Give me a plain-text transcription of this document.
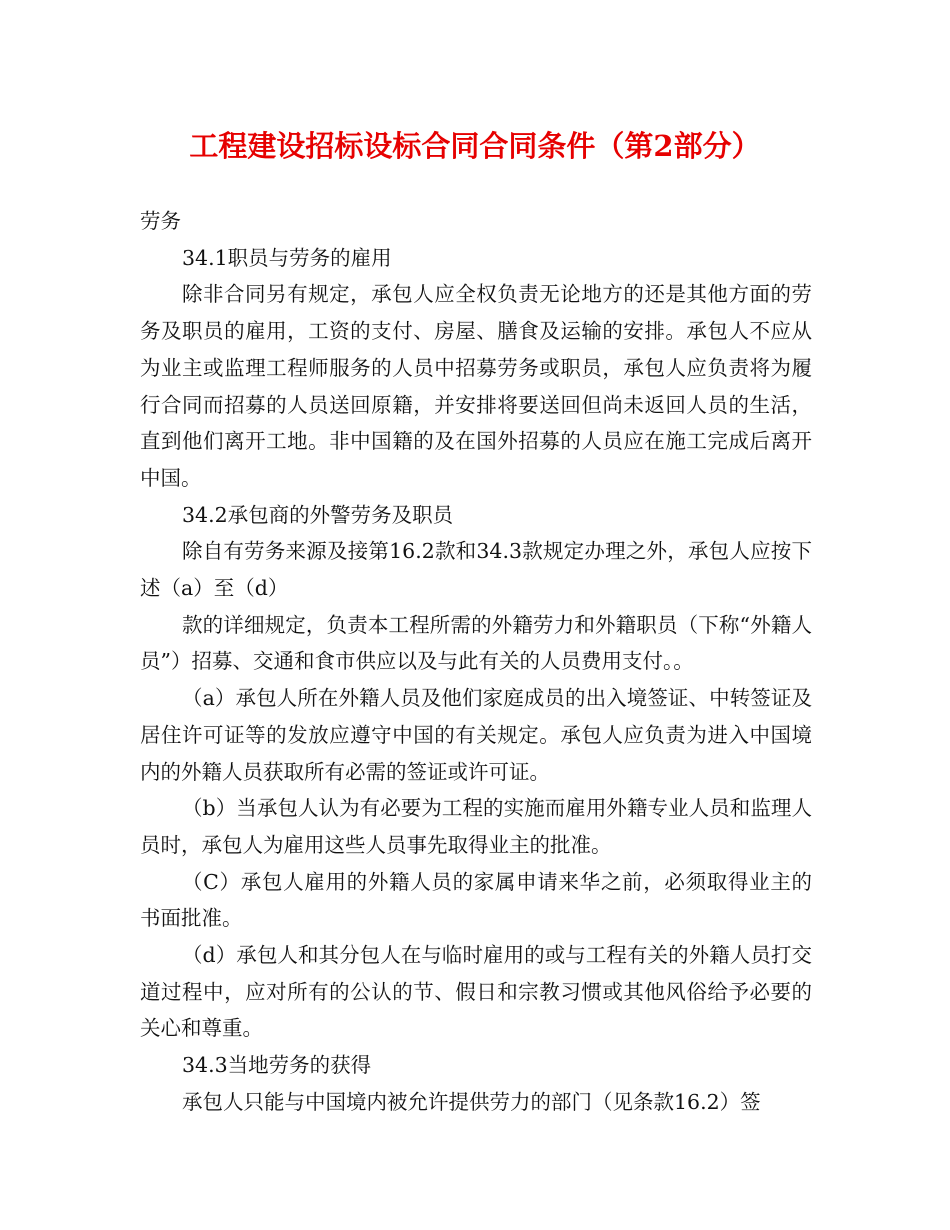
工程建设招标设标合同合同条件（第2部分）

劳务

34.1职员与劳务的雇用

除非合同另有规定，承包人应全权负责无论地方的还是其他方面的劳务及职员的雇用，工资的支付、房屋、膳食及运输的安排。承包人不应从为业主或监理工程师服务的人员中招募劳务或职员，承包人应负责将为履行合同而招募的人员送回原籍，并安排将要送回但尚未返回人员的生活，直到他们离开工地。非中国籍的及在国外招募的人员应在施工完成后离开中国。

34.2承包商的外警劳务及职员

除自有劳务来源及接第16.2款和34.3款规定办理之外，承包人应按下述（a）至（d）

款的详细规定，负责本工程所需的外籍劳力和外籍职员（下称“外籍人员”）招募、交通和食市供应以及与此有关的人员费用支付。。

（a）承包人所在外籍人员及他们家庭成员的出入境签证、中转签证及居住许可证等的发放应遵守中国的有关规定。承包人应负责为进入中国境内的外籍人员获取所有必需的签证或许可证。

（b）当承包人认为有必要为工程的实施而雇用外籍专业人员和监理人员时，承包人为雇用这些人员事先取得业主的批准。

（C）承包人雇用的外籍人员的家属申请来华之前，必须取得业主的书面批准。

（d）承包人和其分包人在与临时雇用的或与工程有关的外籍人员打交道过程中，应对所有的公认的节、假日和宗教习惯或其他风俗给予必要的关心和尊重。

34.3当地劳务的获得

承包人只能与中国境内被允许提供劳力的部门（见条款16.2）签
